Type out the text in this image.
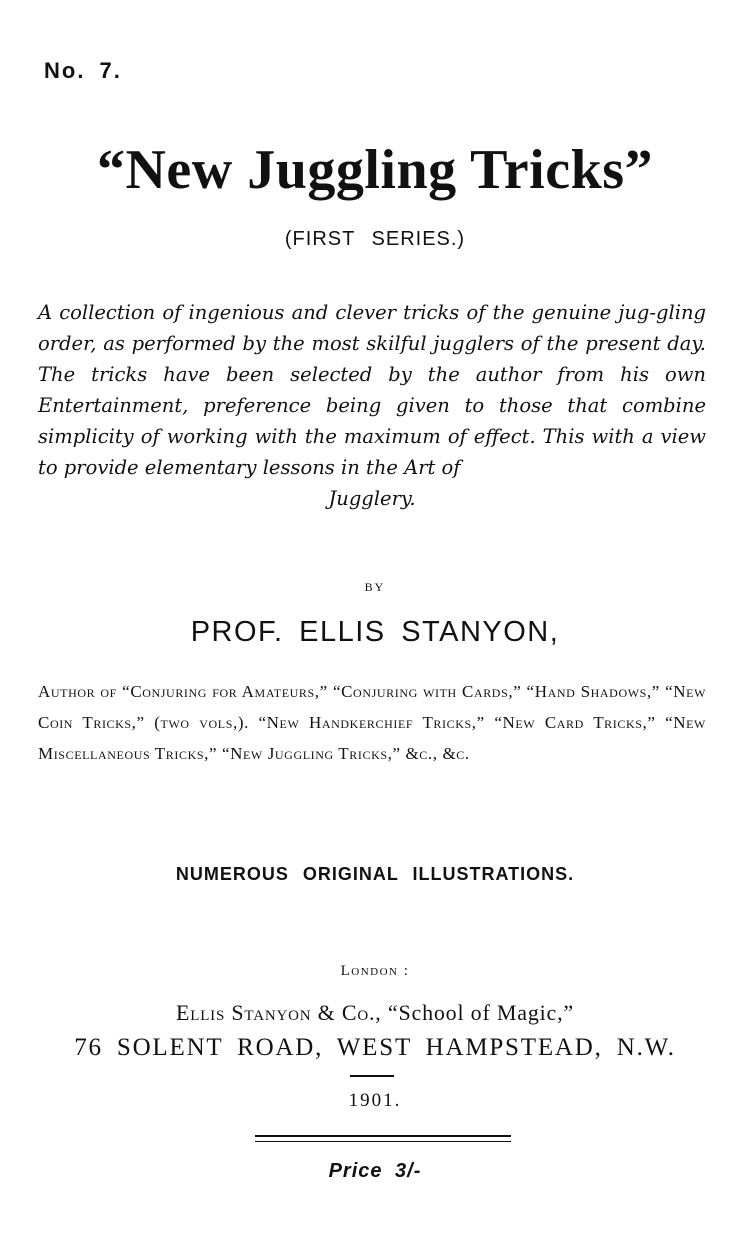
No. 7.
“New Juggling Tricks”
(FIRST SERIES.)
A collection of ingenious and clever tricks of the genuine jug-gling order, as performed by the most skilful jugglers of the present day. The tricks have been selected by the author from his own Entertainment, preference being given to those that combine simplicity of working with the maximum of effect. This with a view to provide elementary lessons in the Art of
Jugglery.
BY
PROF. ELLIS STANYON,
Author of “Conjuring for Amateurs,” “Conjuring with Cards,” “Hand Shadows,” “New Coin Tricks,” (two vols,). “New Handkerchief Tricks,” “New Card Tricks,” “New Miscellaneous Tricks,” “New Juggling Tricks,” &c., &c.
NUMEROUS ORIGINAL ILLUSTRATIONS.
London :
Ellis Stanyon & Co., “School of Magic,”
76 SOLENT ROAD, WEST HAMPSTEAD, N.W.
1901.
Price 3/-
